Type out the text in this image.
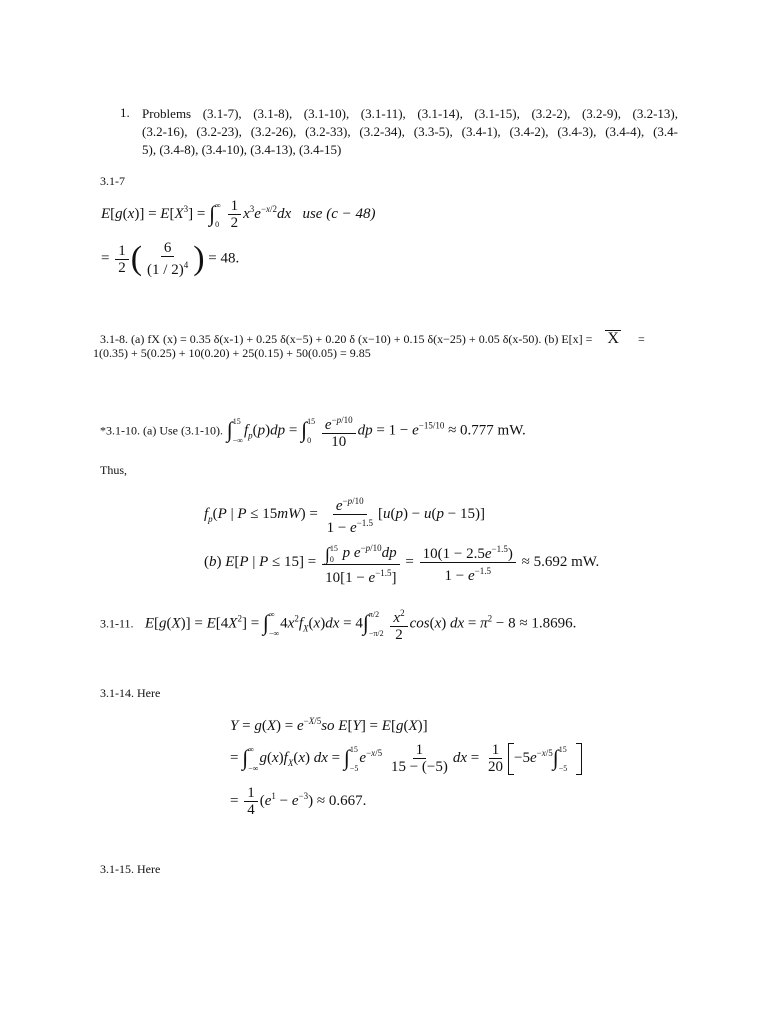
1. Problems (3.1-7), (3.1-8), (3.1-10), (3.1-11), (3.1-14), (3.1-15), (3.2-2), (3.2-9), (3.2-13),
(3.2-16), (3.2-23), (3.2-26), (3.2-33), (3.2-34), (3.3-5), (3.4-1), (3.4-2), (3.4-3), (3.4-4), (3.4-
5), (3.4-8), (3.4-10), (3.4-13), (3.4-15)
3.1-7
$E[g(x)] = E[X^3]$ = ∫ ∞
0
$\frac{1}{2} x^3e^{-x/2}dx$ use (c − 48)
= $\frac{1}{2}$ ( $\frac{6}{(1 / 2)^4}$ ) = 48.
3.1-8. (a) fX (x) = 0.35 δ(x-1) + 0.25 δ(x−5) + 0.20 δ (x−10) + 0.15 δ(x−25) + 0.05 δ(x-50). (b) E[x] = X =
1(0.35) + 5(0.25) + 10(0.20) + 25(0.15) + 50(0.05) = 9.85
*3.1-10. (a) Use (3.1-10). ∫ 15
−∞
$f_p(p)dp$ = ∫ 15
0
$\frac{e^{-p/10}}{10}$ dp = $1 - e^{-15/10} \approx 0.777$ mW.
Thus,
$f_p(P$ | $P \le 15mW) = \frac{e^{-p/10}}{1 - e^{-1.5}} [u(p) - u(p - 15)]$
(b) E[P | P ≤ 15] = ∫ 15
0 p $e^{-p/10}dp$
$10[1 - e^{-1.5}] = \frac{10(1 - 2.5e^{-1.5})}{1 - e^{-1.5}} \approx 5.692$ mW.
3.1-11. $E[g(X)] = E[4X^2]$ = ∫ ∞
−∞
$4x^2f_X(x)dx = 4\int$ π/2
−π/2
$\frac{x^2}{2} \cos(x)$ dx = $\pi^2 - 8 \approx 1.8696$.
3.1-14. Here
$Y = g(X) = e^{-X/5}so$ E[Y] = E[g(X)]
= ∫ ∞
−∞
$g(x)f_X(x)$ dx = ∫ 15
−5
$e^{-x/5} \frac{1}{15 - (-5)}$ dx = $\frac{1}{20} -5e^{-x/5}\int$ 15
−5

= $\frac{1}{4} (e^1 - e^{-3}) \approx 0.667$.
3.1-15. Here
